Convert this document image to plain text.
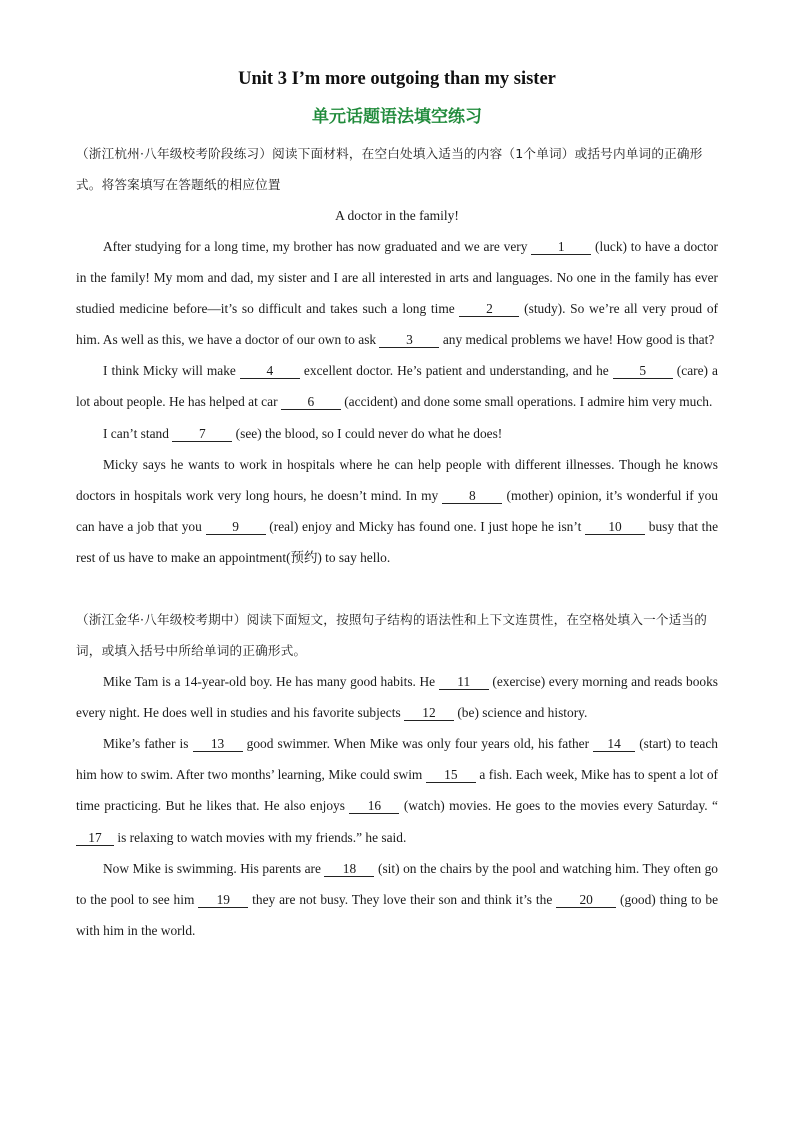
Unit 3 I’m more outgoing than my sister
单元话题语法填空练习

（浙江杭州·八年级校考阶段练习）阅读下面材料，在空白处填入适当的内容（1个单词）或括号内单词的正确形式。将答案填写在答题纸的相应位置

A doctor in the family!

After studying for a long time, my brother has now graduated and we are very 1 (luck) to have a doctor in the family! My mom and dad, my sister and I are all interested in arts and languages. No one in the family has ever studied medicine before—it’s so difficult and takes such a long time 2 (study). So we’re all very proud of him. As well as this, we have a doctor of our own to ask 3 any medical problems we have! How good is that?

I think Micky will make 4 excellent doctor. He’s patient and understanding, and he 5 (care) a lot about people. He has helped at car 6 (accident) and done some small operations. I admire him very much.

I can’t stand 7 (see) the blood, so I could never do what he does!

Micky says he wants to work in hospitals where he can help people with different illnesses. Though he knows doctors in hospitals work very long hours, he doesn’t mind. In my 8 (mother) opinion, it’s wonderful if you can have a job that you 9 (real) enjoy and Micky has found one. I just hope he isn’t 10 busy that the rest of us have to make an appointment(预约) to say hello.

（浙江金华·八年级校考期中）阅读下面短文，按照句子结构的语法性和上下文连贯性，在空格处填入一个适当的词，或填入括号中所给单词的正确形式。

Mike Tam is a 14-year-old boy. He has many good habits. He 11 (exercise) every morning and reads books every night. He does well in studies and his favorite subjects 12 (be) science and history.

Mike’s father is 13 good swimmer. When Mike was only four years old, his father 14 (start) to teach him how to swim. After two months’ learning, Mike could swim 15 a fish. Each week, Mike has to spent a lot of time practicing. But he likes that. He also enjoys 16 (watch) movies. He goes to the movies every Saturday. “ 17 is relaxing to watch movies with my friends.” he said.

Now Mike is swimming. His parents are 18 (sit) on the chairs by the pool and watching him. They often go to the pool to see him 19 they are not busy. They love their son and think it’s the 20 (good) thing to be with him in the world.
